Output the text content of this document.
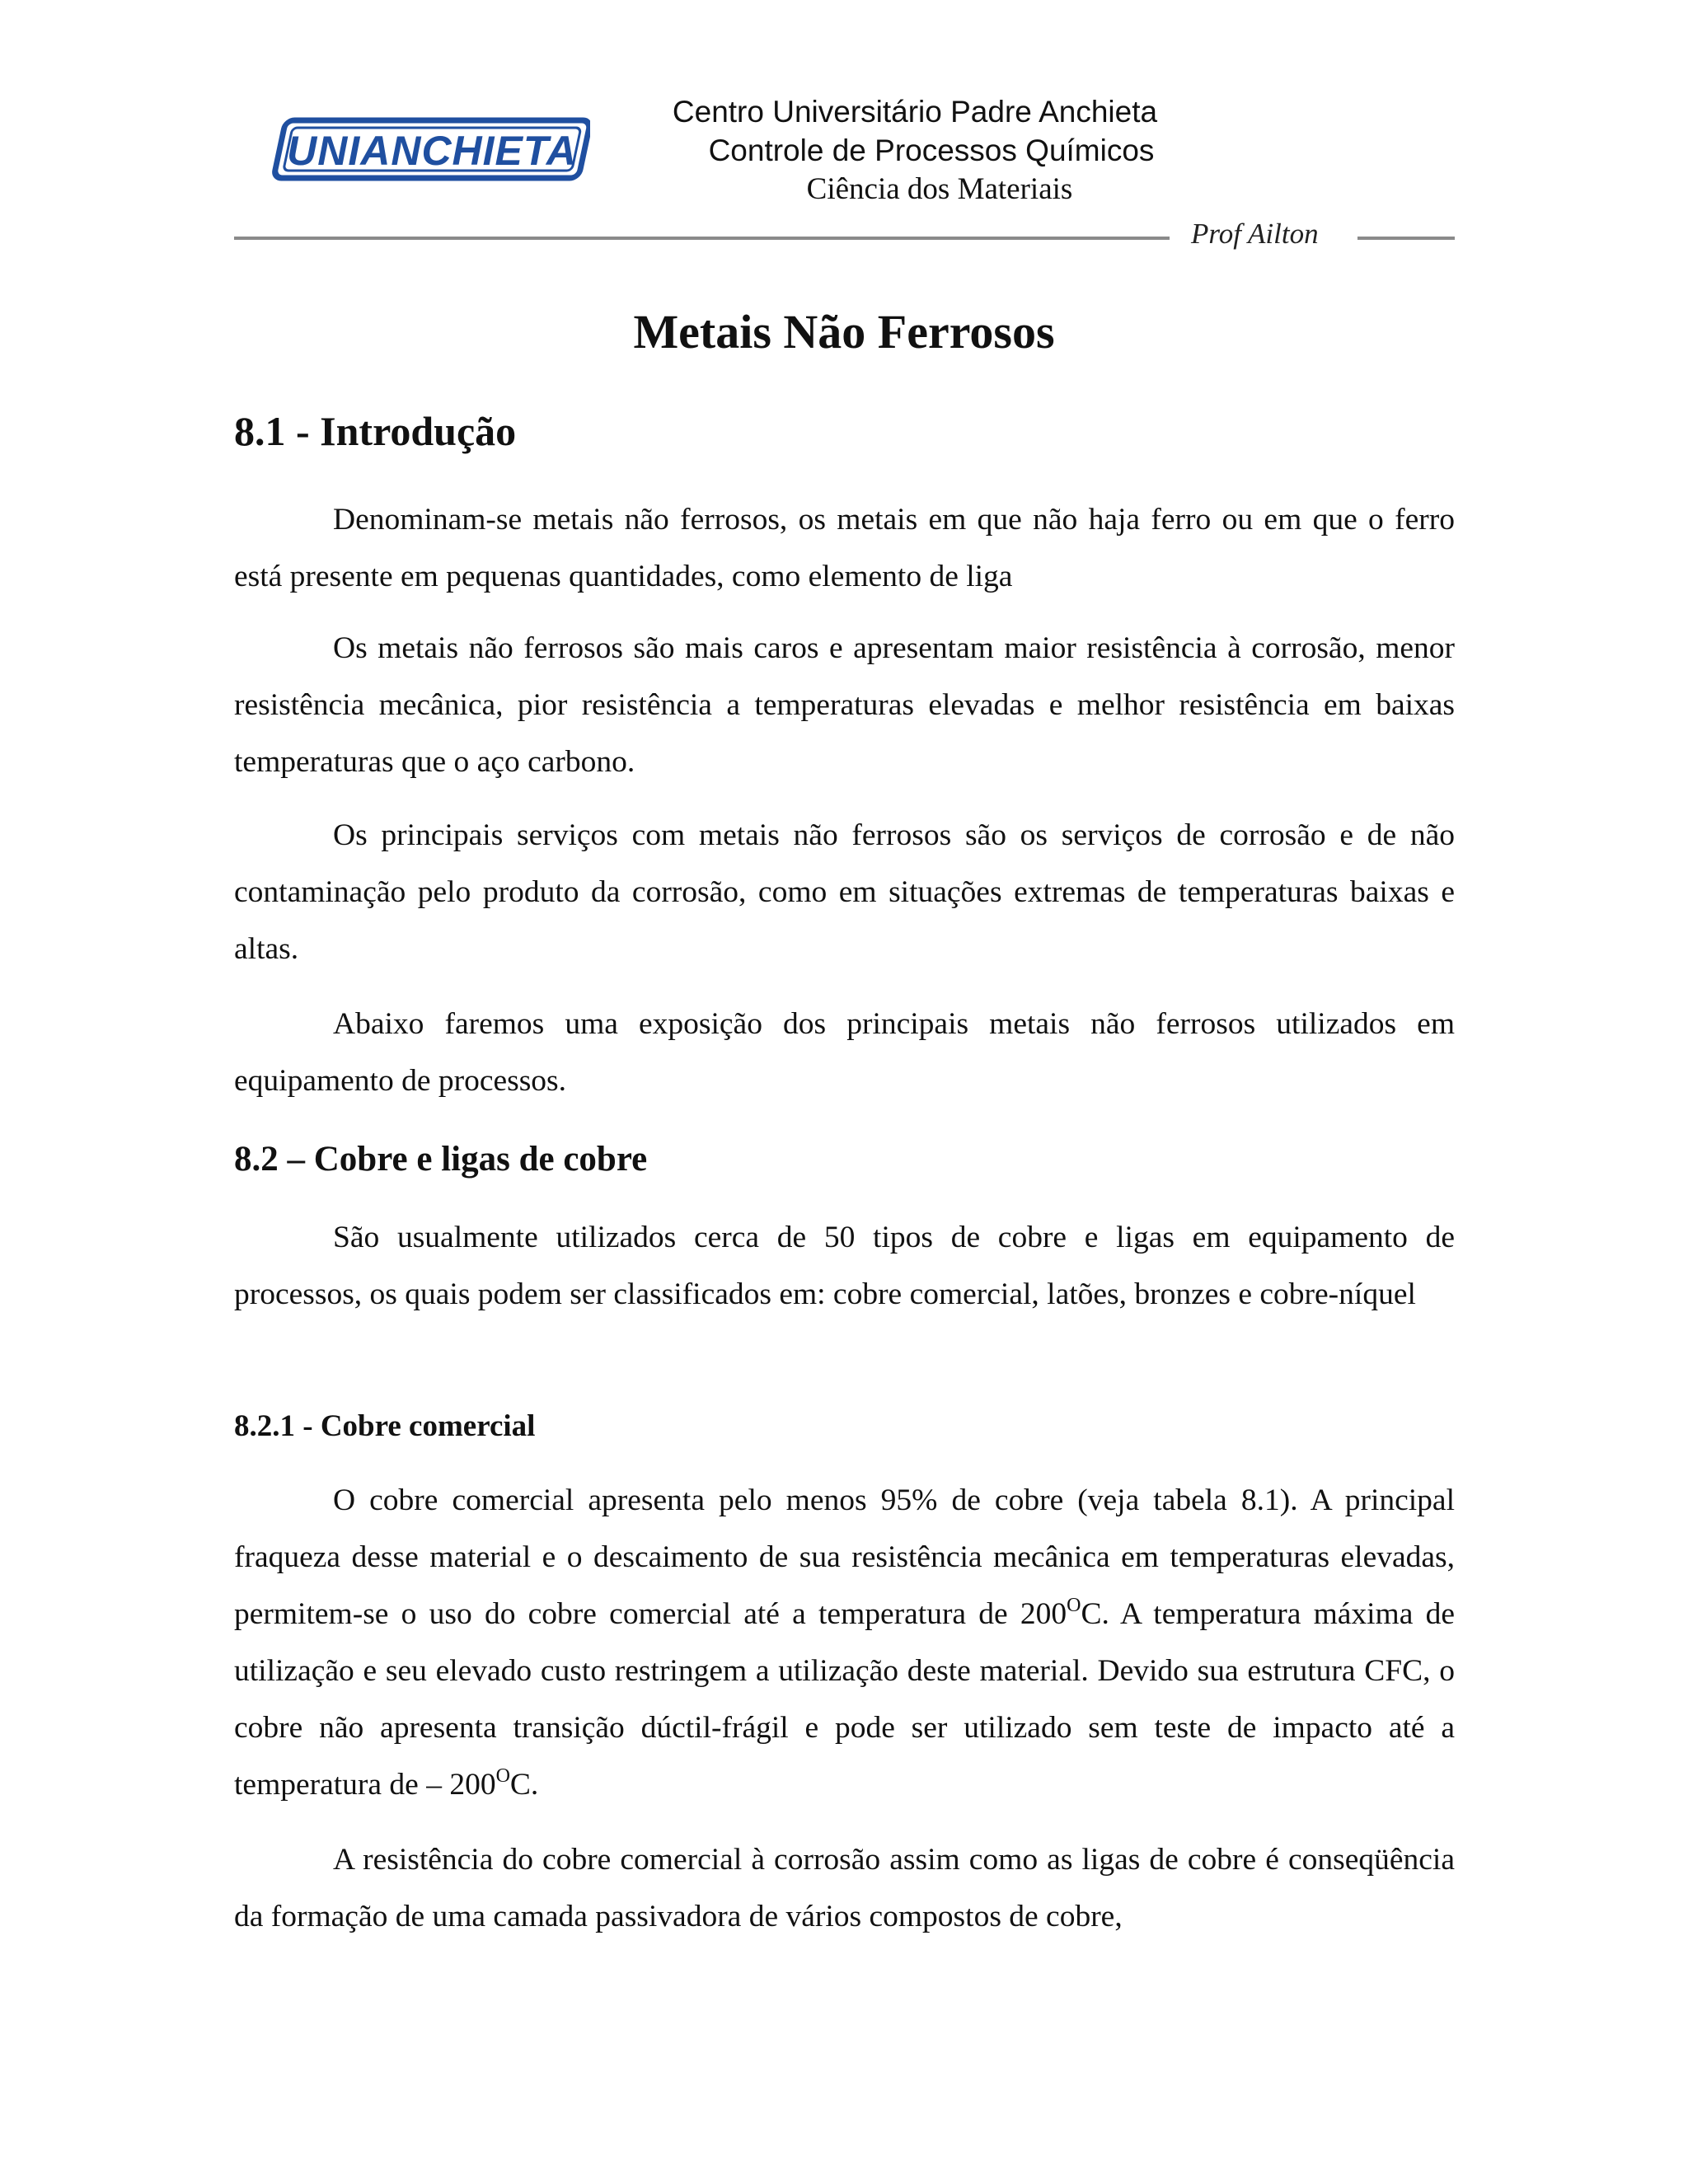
UNIANCHIETA
Centro Universitário Padre Anchieta
Controle de Processos Químicos
Ciência dos Materiais
Prof Ailton
Metais Não Ferrosos
8.1 - Introdução

Denominam-se metais não ferrosos, os metais em que não haja ferro ou em que o ferro está presente em pequenas quantidades, como elemento de liga

Os metais não ferrosos são mais caros e apresentam maior resistência à corrosão, menor resistência mecânica, pior resistência a temperaturas elevadas e melhor resistência em baixas temperaturas que o aço carbono.

Os principais serviços com metais não ferrosos são os serviços de corrosão e de não contaminação pelo produto da corrosão, como em situações extremas de temperaturas baixas e altas.

Abaixo faremos uma exposição dos principais metais não ferrosos utilizados em equipamento de processos.

8.2 – Cobre e ligas de cobre

São usualmente utilizados cerca de 50 tipos de cobre e ligas em equipamento de processos, os quais podem ser classificados em: cobre comercial, latões, bronzes e cobre-níquel

8.2.1 - Cobre comercial

O cobre comercial apresenta pelo menos 95% de cobre (veja tabela 8.1). A principal fraqueza desse material e o descaimento de sua resistência mecânica em temperaturas elevadas, permitem-se o uso do cobre comercial até a temperatura de $200^OC$. A temperatura máxima de utilização e seu elevado custo restringem a utilização deste material. Devido sua estrutura CFC, o cobre não apresenta transição dúctil-frágil e pode ser utilizado sem teste de impacto até a temperatura de – $200^OC$.

A resistência do cobre comercial à corrosão assim como as ligas de cobre é conseqüência da formação de uma camada passivadora de vários compostos de cobre,
